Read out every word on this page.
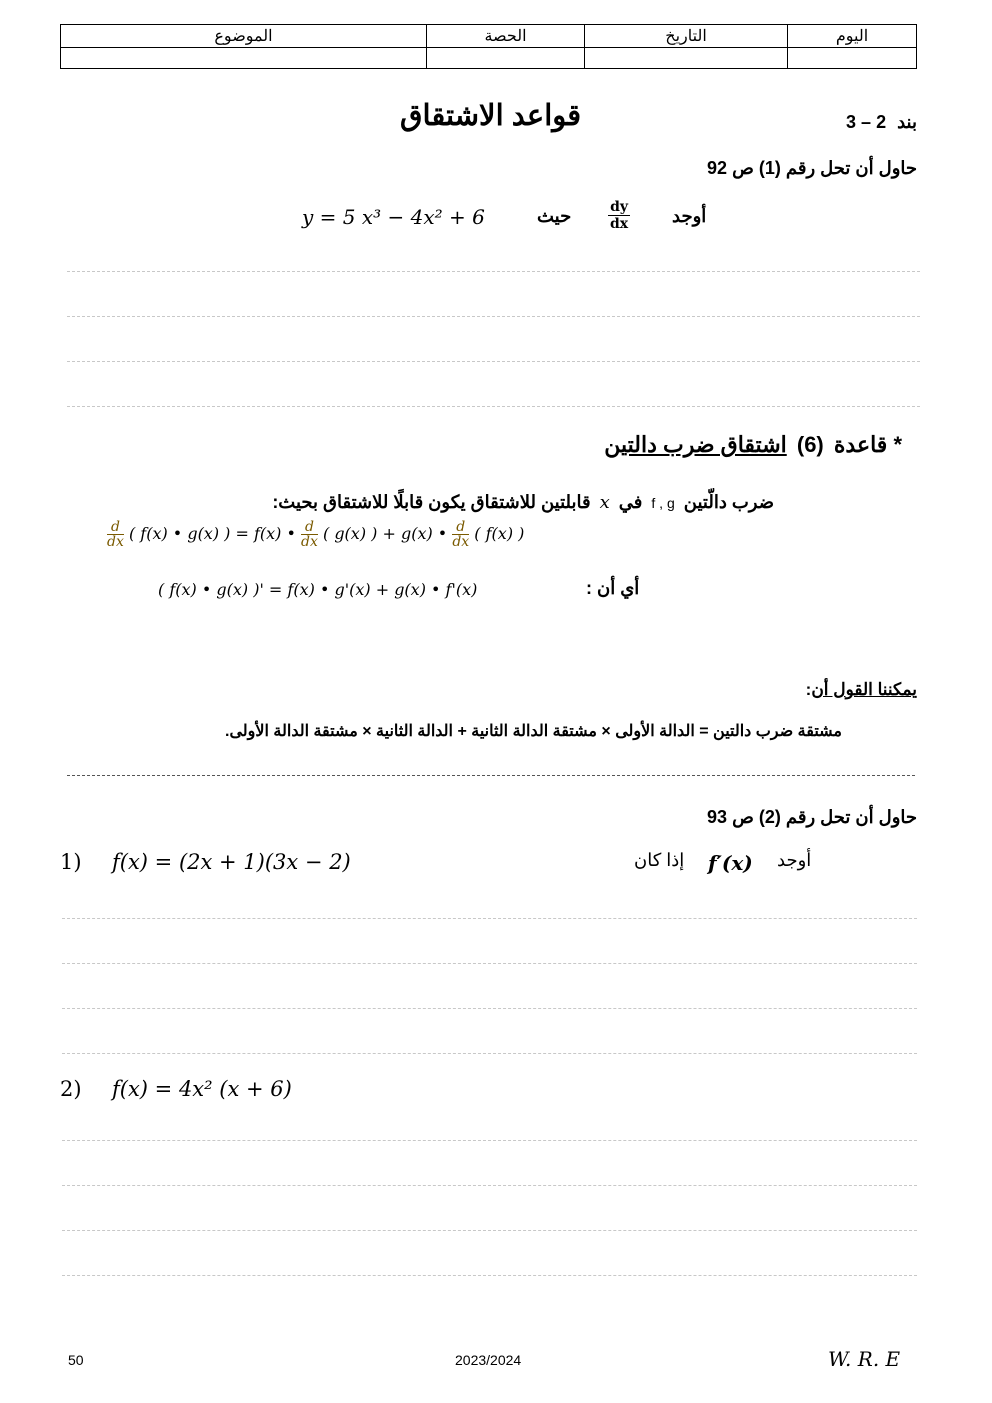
اليوم	التاريخ	الحصة	الموضوع

بند 3 – 2
قواعد الاشتقاق
حاول أن تحل رقم (1) ص 92
أوجد
$\frac{dy}{dx}$
حيث
y = 5 x³ − 4x² + 6
* قاعدة (6) اشتقاق ضرب دالتين
ضرب دالّتين f , g في x قابلتين للاشتقاق يكون قابلًا للاشتقاق بحيث:
$\frac{d}{dx}$ ( f(x) • g(x) ) = f(x) • $\frac{d}{dx}$ ( g(x) ) + g(x) • $\frac{d}{dx}$ ( f(x) )
( f(x) • g(x) )' = f(x) • g'(x) + g(x) • f'(x)	أي أن :
يمكننا القول أن:
مشتقة ضرب دالتين = الدالة الأولى × مشتقة الدالة الثانية + الدالة الثانية × مشتقة الدالة الأولى.
حاول أن تحل رقم (2) ص 93
أوجد
f′(x)
إذا كان
1) f(x) = (2x + 1)(3x − 2)
2) f(x) = 4x² (x + 6)
50	2023/2024	W. R. E
